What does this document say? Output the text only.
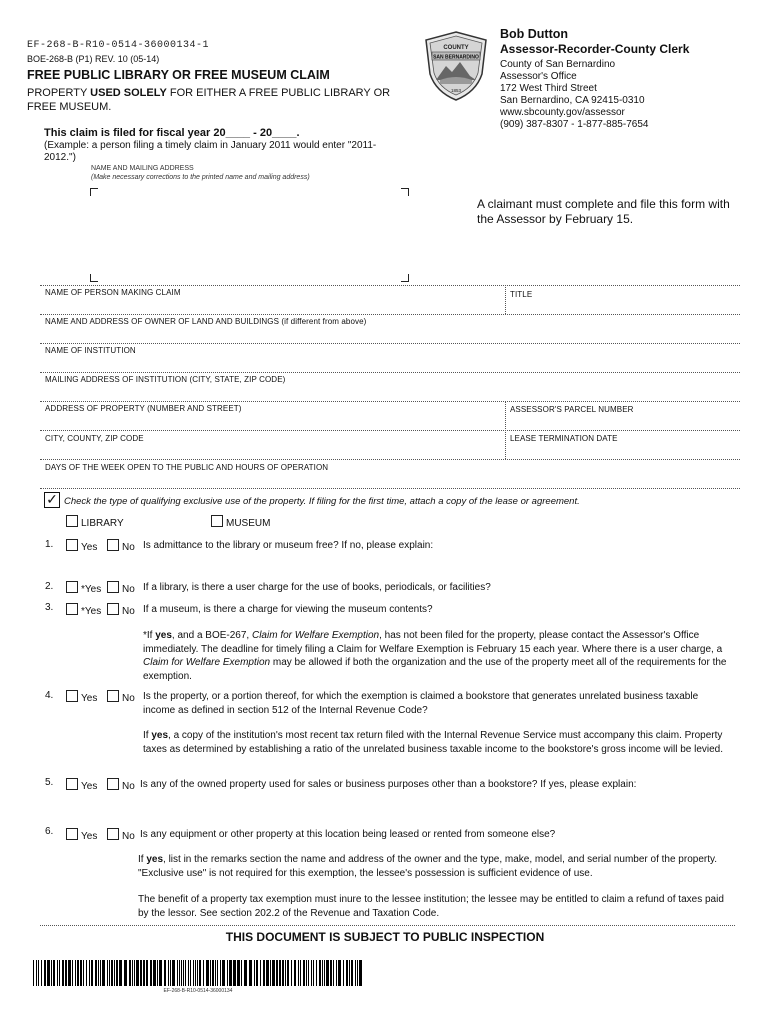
EF-268-B-R10-0514-36000134-1
BOE-268-B (P1) REV. 10 (05-14)
FREE PUBLIC LIBRARY OR FREE MUSEUM CLAIM
PROPERTY USED SOLELY FOR EITHER A FREE PUBLIC LIBRARY OR FREE MUSEUM.
This claim is filed for fiscal year 20____ - 20____.
(Example: a person filing a timely claim in January 2011 would enter "2011-2012.")
NAME AND MAILING ADDRESS
(Make necessary corrections to the printed name and mailing address)
COUNTY
SAN BERNARDINO
1853
Bob Dutton
Assessor-Recorder-County Clerk
County of San Bernardino
Assessor's Office
172 West Third Street
San Bernardino, CA 92415-0310
www.sbcounty.gov/assessor
(909) 387-8307 - 1-877-885-7654
A claimant must complete and file this form with the Assessor by February 15.
NAME OF PERSON MAKING CLAIM	TITLE
NAME AND ADDRESS OF OWNER OF LAND AND BUILDINGS (if different from above)
NAME OF INSTITUTION
MAILING ADDRESS OF INSTITUTION (CITY, STATE, ZIP CODE)
ADDRESS OF PROPERTY (NUMBER AND STREET)	ASSESSOR'S PARCEL NUMBER
CITY, COUNTY, ZIP CODE	LEASE TERMINATION DATE
DAYS OF THE WEEK OPEN TO THE PUBLIC AND HOURS OF OPERATION
✓ Check the type of qualifying exclusive use of the property. If filing for the first time, attach a copy of the lease or agreement.
LIBRARY	MUSEUM
1.	Yes	No Is admittance to the library or museum free? If no, please explain:
2.	*Yes	No If a library, is there a user charge for the use of books, periodicals, or facilities?
3.	*Yes	No If a museum, is there a charge for viewing the museum contents?
*If yes, and a BOE-267, Claim for Welfare Exemption, has not been filed for the property, please contact the Assessor's Office immediately. The deadline for timely filing a Claim for Welfare Exemption is February 15 each year. Where there is a user charge, a Claim for Welfare Exemption may be allowed if both the organization and the use of the property meet all of the requirements for the exemption.
4.	Yes	No Is the property, or a portion thereof, for which the exemption is claimed a bookstore that generates unrelated business taxable income as defined in section 512 of the Internal Revenue Code?
If yes, a copy of the institution's most recent tax return filed with the Internal Revenue Service must accompany this claim. Property taxes as determined by establishing a ratio of the unrelated business taxable income to the bookstore's gross income will be levied.
5.	Yes	No Is any of the owned property used for sales or business purposes other than a bookstore? If yes, please explain:
6.	Yes	No Is any equipment or other property at this location being leased or rented from someone else?
If yes, list in the remarks section the name and address of the owner and the type, make, model, and serial number of the property. "Exclusive use" is not required for this exemption, the lessee's possession is sufficient evidence of use.
The benefit of a property tax exemption must inure to the lessee institution; the lessee may be entitled to claim a refund of taxes paid by the lessor. See section 202.2 of the Revenue and Taxation Code.
THIS DOCUMENT IS SUBJECT TO PUBLIC INSPECTION
EF-268-B-R10-0514-36000134
